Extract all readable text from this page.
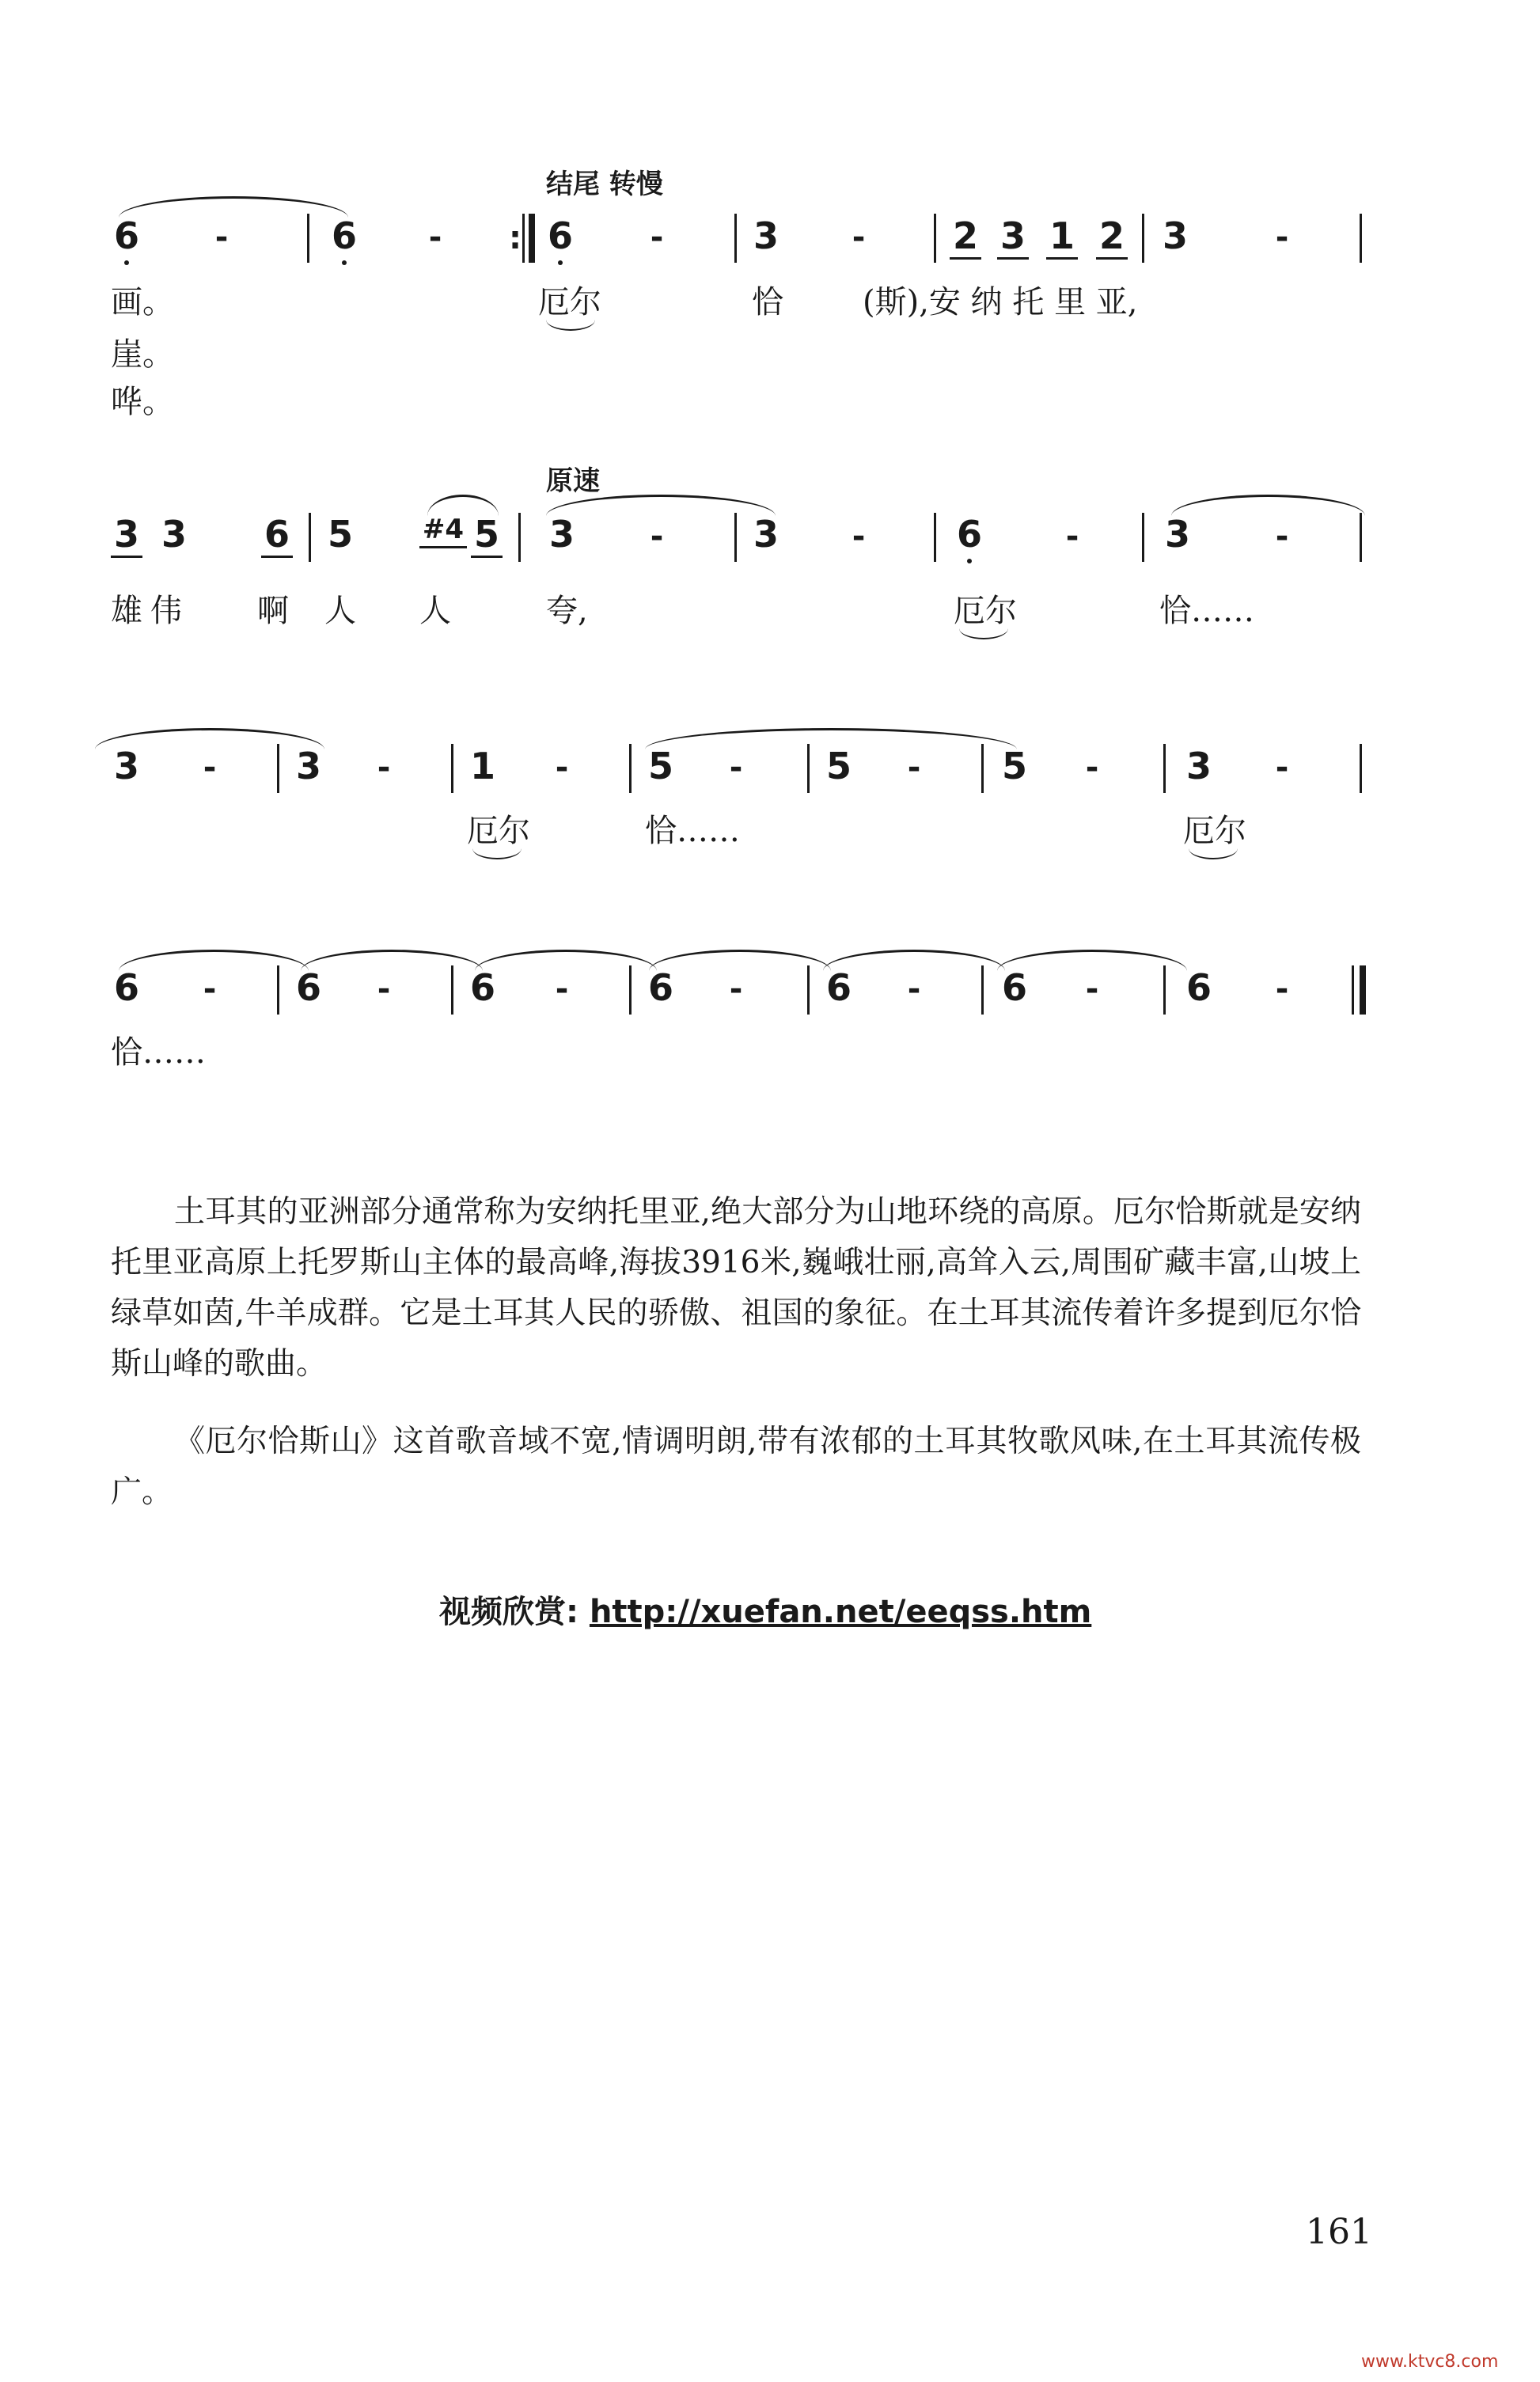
结尾 转慢
6 -	6 - : 6 - 3 - 2 3 1 2 3	-
画。	厄尔	恰	(斯),安 纳 托 里 亚,
崖。
哗。
原速
3 3 6 5	#4 5 3 - 3 -	6	- 3	-
雄伟 啊 人 人	夸,	厄尔	恰……
3 - 3 - 1 - 5 - 5 - 5 - 3 -
厄尔	恰……	厄尔
6 - 6 - 6 - 6 - 6 - 6 - 6 -
恰……
土耳其的亚洲部分通常称为安纳托里亚,绝大部分为山地环绕的高原。厄尔恰斯就是安纳托里亚高原上托罗斯山主体的最高峰,海拔3916米,巍峨壮丽,高耸入云,周围矿藏丰富,山坡上绿草如茵,牛羊成群。它是土耳其人民的骄傲、祖国的象征。在土耳其流传着许多提到厄尔恰斯山峰的歌曲。
《厄尔恰斯山》这首歌音域不宽,情调明朗,带有浓郁的土耳其牧歌风味,在土耳其流传极广。
视频欣赏: http://xuefan.net/eeqss.htm
161
www.ktvc8.com
